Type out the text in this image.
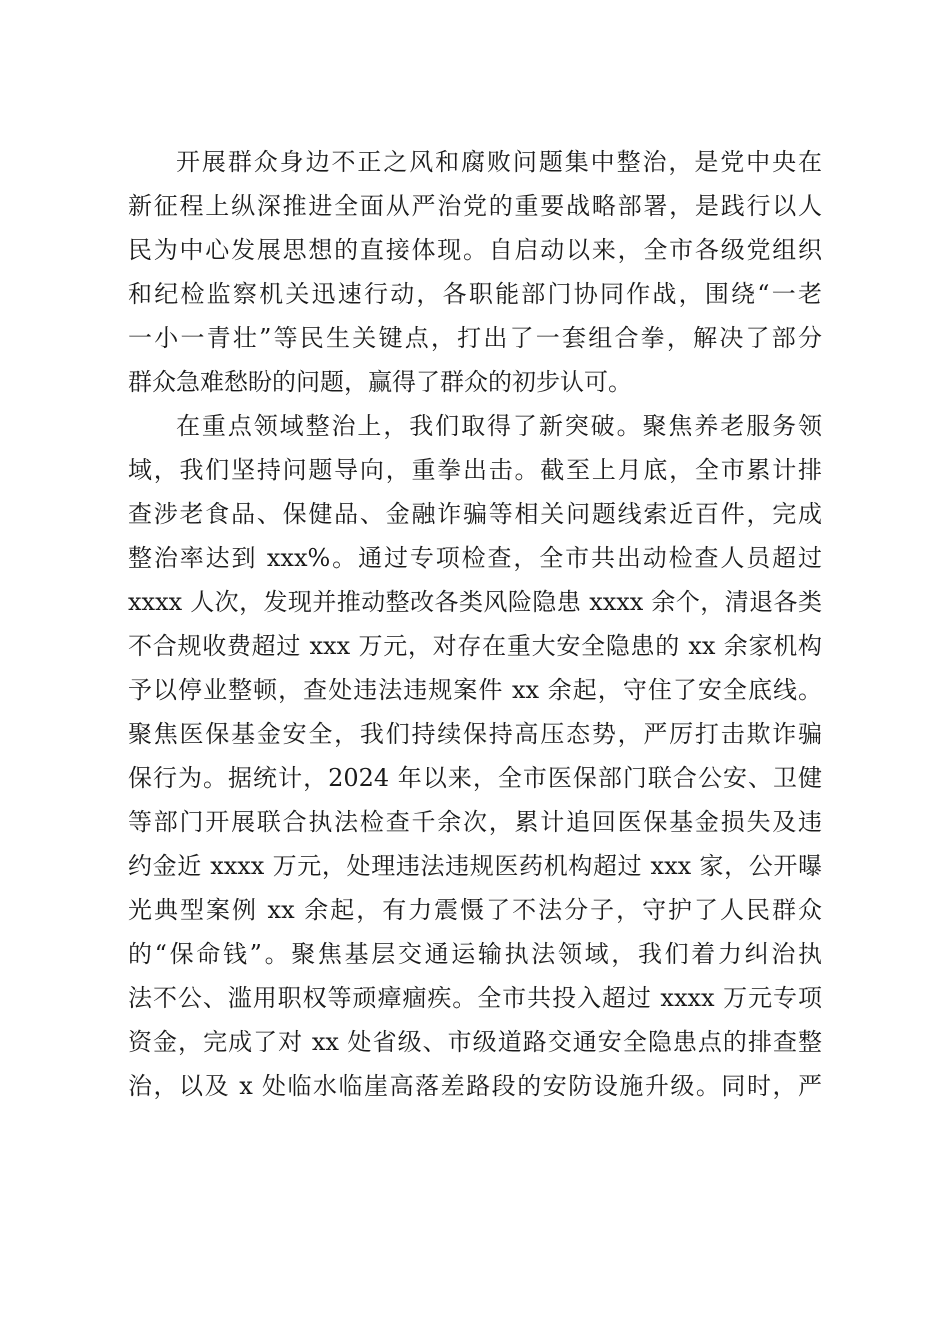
开展群众身边不正之风和腐败问题集中整治，是党中央在
新征程上纵深推进全面从严治党的重要战略部署，是践行以人
民为中心发展思想的直接体现。自启动以来，全市各级党组织
和纪检监察机关迅速行动，各职能部门协同作战，围绕“一老
一小一青壮”等民生关键点，打出了一套组合拳，解决了部分
群众急难愁盼的问题，赢得了群众的初步认可。
在重点领域整治上，我们取得了新突破。聚焦养老服务领
域，我们坚持问题导向，重拳出击。截至上月底，全市累计排
查涉老食品、保健品、金融诈骗等相关问题线索近百件，完成
整治率达到 xxx%。通过专项检查，全市共出动检查人员超过
xxxx 人次，发现并推动整改各类风险隐患 xxxx 余个，清退各类
不合规收费超过 xxx 万元，对存在重大安全隐患的 xx 余家机构
予以停业整顿，查处违法违规案件 xx 余起，守住了安全底线。
聚焦医保基金安全，我们持续保持高压态势，严厉打击欺诈骗
保行为。据统计，2024 年以来，全市医保部门联合公安、卫健
等部门开展联合执法检查千余次，累计追回医保基金损失及违
约金近 xxxx 万元，处理违法违规医药机构超过 xxx 家，公开曝
光典型案例 xx 余起，有力震慑了不法分子，守护了人民群众
的“保命钱”。聚焦基层交通运输执法领域，我们着力纠治执
法不公、滥用职权等顽瘴痼疾。全市共投入超过 xxxx 万元专项
资金，完成了对 xx 处省级、市级道路交通安全隐患点的排查整
治，以及 x 处临水临崖高落差路段的安防设施升级。同时，严
